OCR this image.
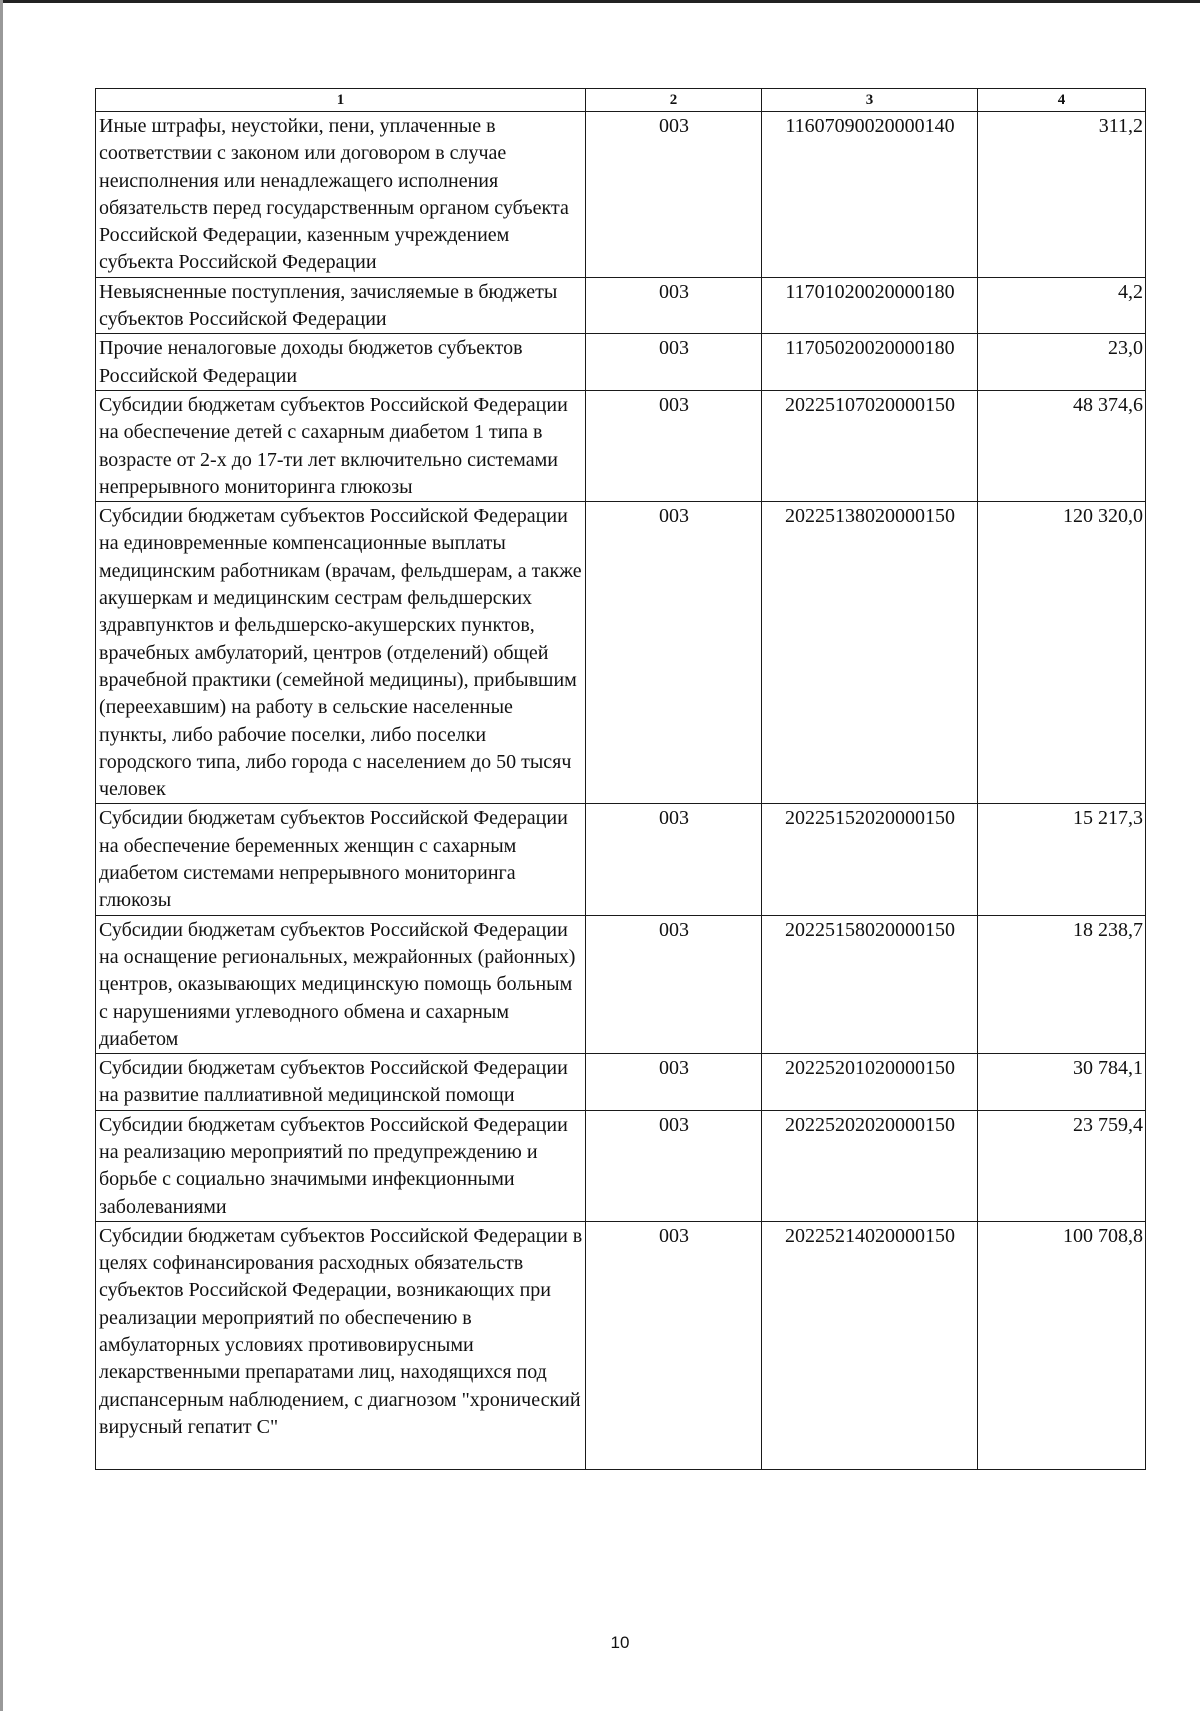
1	2	3	4
Иные штрафы, неустойки, пени, уплаченные в соответствии с законом или договором в случае неисполнения или ненадлежащего исполнения обязательств перед государственным органом субъекта Российской Федерации, казенным учреждением субъекта Российской Федерации	003	11607090020000140	311,2
Невыясненные поступления, зачисляемые в бюджеты субъектов Российской Федерации	003	11701020020000180	4,2
Прочие неналоговые доходы бюджетов субъектов Российской Федерации	003	11705020020000180	23,0
Субсидии бюджетам субъектов Российской Федерации на обеспечение детей с сахарным диабетом 1 типа в возрасте от 2-х до 17-ти лет включительно системами непрерывного мониторинга глюкозы	003	20225107020000150	48 374,6
Субсидии бюджетам субъектов Российской Федерации на единовременные компенсационные выплаты медицинским работникам (врачам, фельдшерам, а также акушеркам и медицинским сестрам фельдшерских здравпунктов и фельдшерско-акушерских пунктов, врачебных амбулаторий, центров (отделений) общей врачебной практики (семейной медицины), прибывшим (переехавшим) на работу в сельские населенные пункты, либо рабочие поселки, либо поселки городского типа, либо города с населением до 50 тысяч человек	003	20225138020000150	120 320,0
Субсидии бюджетам субъектов Российской Федерации на обеспечение беременных женщин с сахарным диабетом системами непрерывного мониторинга глюкозы	003	20225152020000150	15 217,3
Субсидии бюджетам субъектов Российской Федерации на оснащение региональных, межрайонных (районных) центров, оказывающих медицинскую помощь больным с нарушениями углеводного обмена и сахарным диабетом	003	20225158020000150	18 238,7
Субсидии бюджетам субъектов Российской Федерации на развитие паллиативной медицинской помощи	003	20225201020000150	30 784,1
Субсидии бюджетам субъектов Российской Федерации на реализацию мероприятий по предупреждению и борьбе с социально значимыми инфекционными заболеваниями	003	20225202020000150	23 759,4
Субсидии бюджетам субъектов Российской Федерации в целях софинансирования расходных обязательств субъектов Российской Федерации, возникающих при реализации мероприятий по обеспечению в амбулаторных условиях противовирусными лекарственными препаратами лиц, находящихся под диспансерным наблюдением, с диагнозом "хронический вирусный гепатит С"	003	20225214020000150	100 708,8
10
